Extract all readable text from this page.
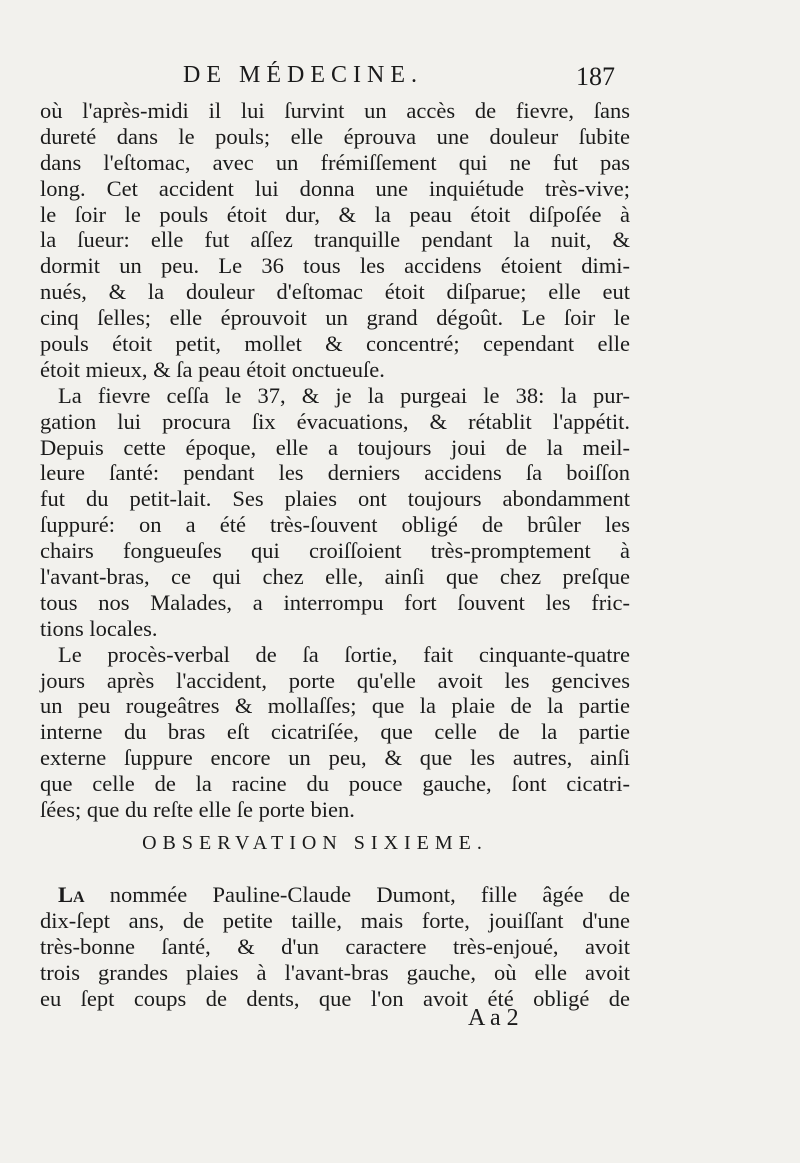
DE MÉDECINE.	187
où l'après-midi il lui ſurvint un accès de fievre, ſans
dureté dans le pouls; elle éprouva une douleur ſubite
dans l'eſtomac, avec un frémiſſement qui ne fut pas
long. Cet accident lui donna une inquiétude très-vive;
le ſoir le pouls étoit dur, & la peau étoit diſpoſée à
la ſueur: elle fut aſſez tranquille pendant la nuit, &
dormit un peu. Le 36 tous les accidens étoient dimi-
nués, & la douleur d'eſtomac étoit diſparue; elle eut
cinq ſelles; elle éprouvoit un grand dégoût. Le ſoir le
pouls étoit petit, mollet & concentré; cependant elle
étoit mieux, & ſa peau étoit onctueuſe.
La fievre ceſſa le 37, & je la purgeai le 38: la pur-
gation lui procura ſix évacuations, & rétablit l'appétit.
Depuis cette époque, elle a toujours joui de la meil-
leure ſanté: pendant les derniers accidens ſa boiſſon
fut du petit-lait. Ses plaies ont toujours abondamment
ſuppuré: on a été très-ſouvent obligé de brûler les
chairs fongueuſes qui croiſſoient très-promptement à
l'avant-bras, ce qui chez elle, ainſi que chez preſque
tous nos Malades, a interrompu fort ſouvent les fric-
tions locales.
Le procès-verbal de ſa ſortie, fait cinquante-quatre
jours après l'accident, porte qu'elle avoit les gencives
un peu rougeâtres & mollaſſes; que la plaie de la partie
interne du bras eſt cicatriſée, que celle de la partie
externe ſuppure encore un peu, & que les autres, ainſi
que celle de la racine du pouce gauche, ſont cicatri-
ſées; que du reſte elle ſe porte bien.
OBSERVATION SIXIEME.
La nommée Pauline-Claude Dumont, fille âgée de
dix-ſept ans, de petite taille, mais forte, jouiſſant d'une
très-bonne ſanté, & d'un caractere très-enjoué, avoit
trois grandes plaies à l'avant-bras gauche, où elle avoit
eu ſept coups de dents, que l'on avoit été obligé de
A a 2
